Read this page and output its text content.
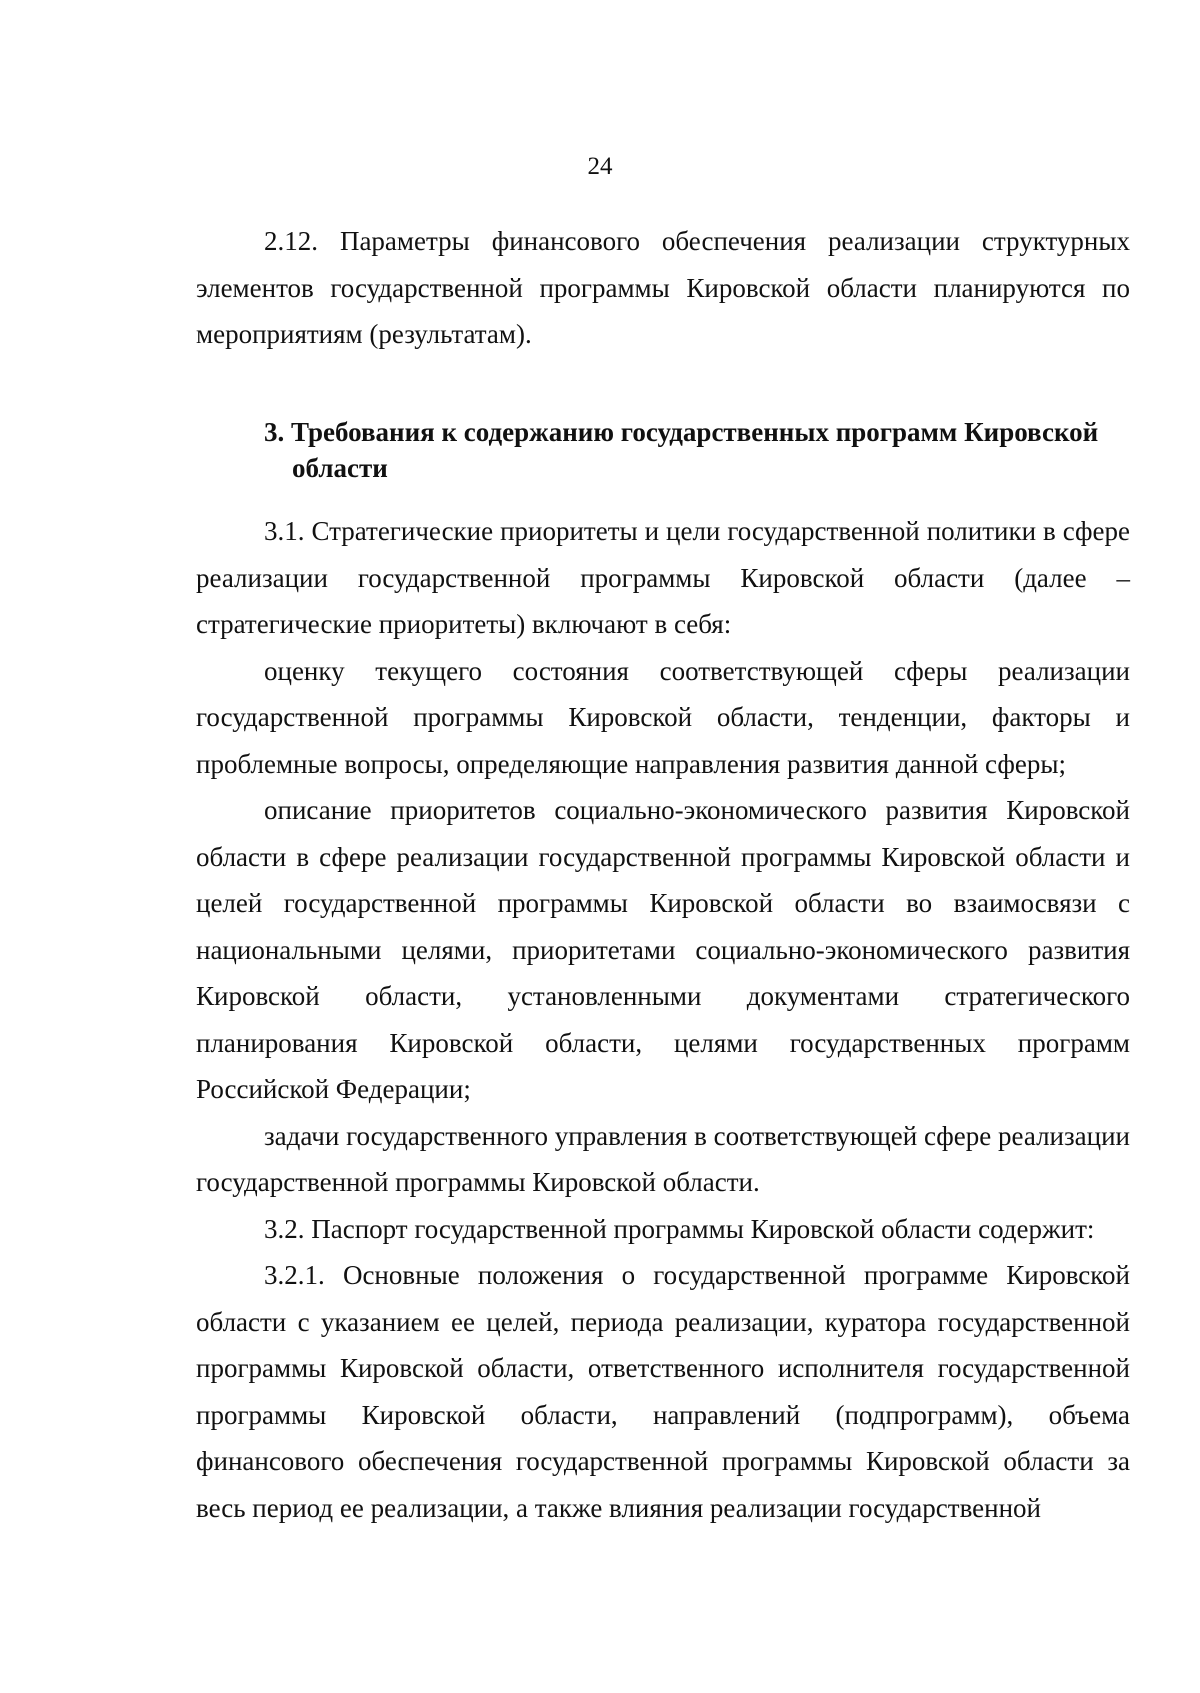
24

2.12. Параметры финансового обеспечения реализации структурных элементов государственной программы Кировской области планируются по мероприятиям (результатам).

3. Требования к содержанию государственных программ Кировской
области

3.1. Стратегические приоритеты и цели государственной политики в сфере реализации государственной программы Кировской области (далее – стратегические приоритеты) включают в себя:

оценку текущего состояния соответствующей сферы реализации государственной программы Кировской области, тенденции, факторы и проблемные вопросы, определяющие направления развития данной сферы;

описание приоритетов социально-экономического развития Кировской области в сфере реализации государственной программы Кировской области и целей государственной программы Кировской области во взаимосвязи с национальными целями, приоритетами социально-экономического развития Кировской области, установленными документами стратегического планирования Кировской области, целями государственных программ Российской Федерации;

задачи государственного управления в соответствующей сфере реализации государственной программы Кировской области.

3.2. Паспорт государственной программы Кировской области содержит:

3.2.1. Основные положения о государственной программе Кировской области с указанием ее целей, периода реализации, куратора государственной программы Кировской области, ответственного исполнителя государственной программы Кировской области, направлений (подпрограмм), объема финансового обеспечения государственной программы Кировской области за весь период ее реализации, а также влияния реализации государственной
